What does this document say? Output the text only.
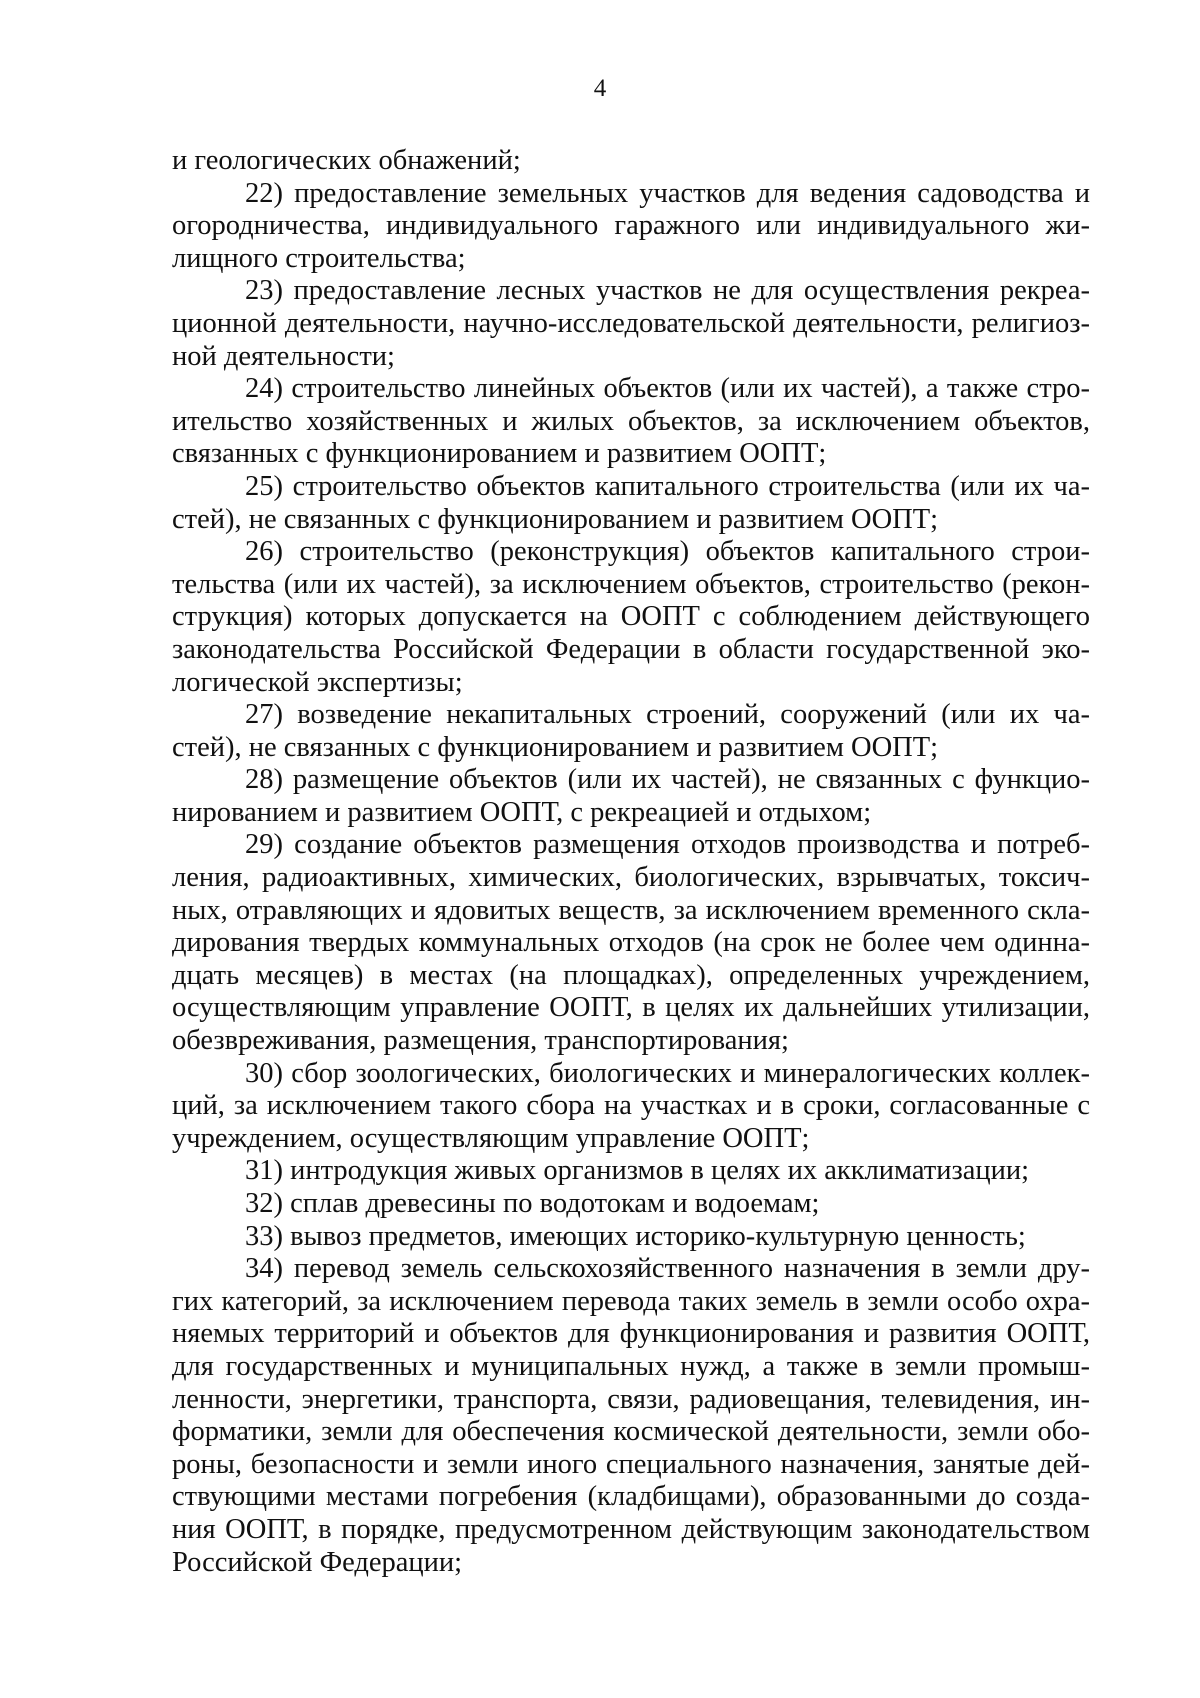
4

и геологических обнажений;

22) предоставление земельных участков для ведения садоводства и огородничества, индивидуального гаражного или индивидуального жилищного строительства;

23) предоставление лесных участков не для осуществления рекреационной деятельности, научно-исследовательской деятельности, религиозной деятельности;

24) строительство линейных объектов (или их частей), а также строительство хозяйственных и жилых объектов, за исключением объектов, связанных с функционированием и развитием ООПТ;

25) строительство объектов капитального строительства (или их частей), не связанных с функционированием и развитием ООПТ;

26) строительство (реконструкция) объектов капитального строительства (или их частей), за исключением объектов, строительство (реконструкция) которых допускается на ООПТ с соблюдением действующего законодательства Российской Федерации в области государственной экологической экспертизы;

27) возведение некапитальных строений, сооружений (или их частей), не связанных с функционированием и развитием ООПТ;

28) размещение объектов (или их частей), не связанных с функционированием и развитием ООПТ, с рекреацией и отдыхом;

29) создание объектов размещения отходов производства и потребления, радиоактивных, химических, биологических, взрывчатых, токсичных, отравляющих и ядовитых веществ, за исключением временного складирования твердых коммунальных отходов (на срок не более чем одиннадцать месяцев) в местах (на площадках), определенных учреждением, осуществляющим управление ООПТ, в целях их дальнейших утилизации, обезвреживания, размещения, транспортирования;

30) сбор зоологических, биологических и минералогических коллекций, за исключением такого сбора на участках и в сроки, согласованные с учреждением, осуществляющим управление ООПТ;

31) интродукция живых организмов в целях их акклиматизации;

32) сплав древесины по водотокам и водоемам;

33) вывоз предметов, имеющих историко-культурную ценность;

34) перевод земель сельскохозяйственного назначения в земли других категорий, за исключением перевода таких земель в земли особо охраняемых территорий и объектов для функционирования и развития ООПТ, для государственных и муниципальных нужд, а также в земли промышленности, энергетики, транспорта, связи, радиовещания, телевидения, информатики, земли для обеспечения космической деятельности, земли обороны, безопасности и земли иного специального назначения, занятые действующими местами погребения (кладбищами), образованными до создания ООПТ, в порядке, предусмотренном действующим законодательством Российской Федерации;
